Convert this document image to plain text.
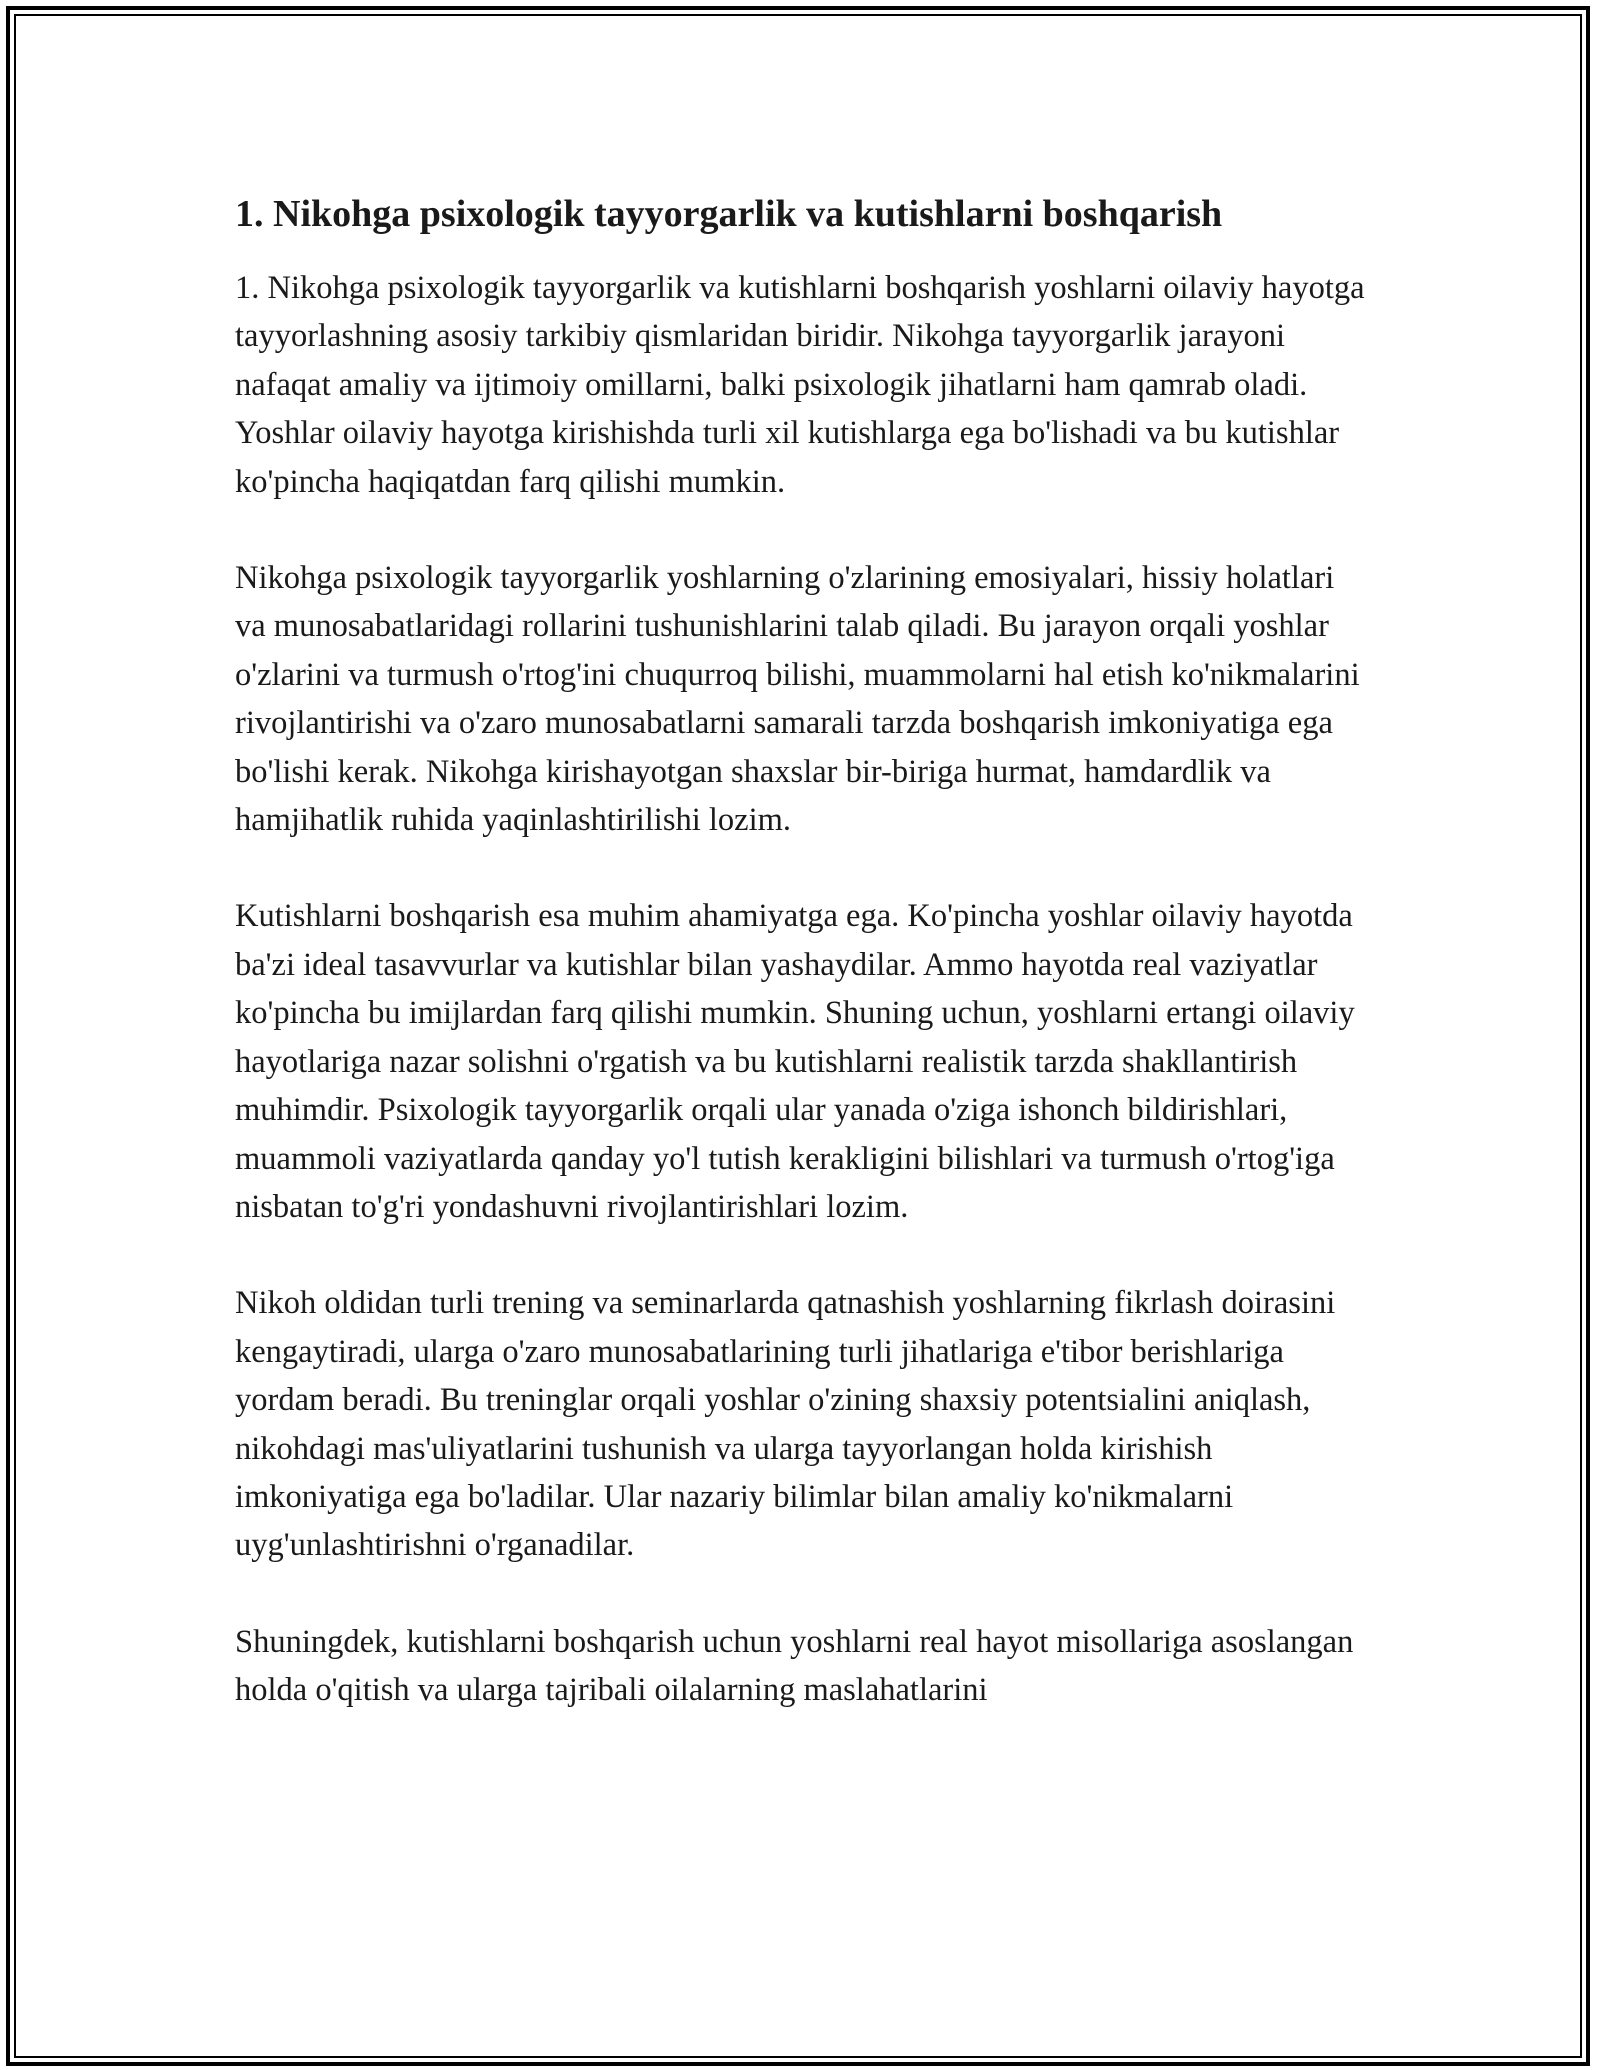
1. Nikohga psixologik tayyorgarlik va kutishlarni boshqarish

1. Nikohga psixologik tayyorgarlik va kutishlarni boshqarish yoshlarni oilaviy hayotga tayyorlashning asosiy tarkibiy qismlaridan biridir. Nikohga tayyorgarlik jarayoni nafaqat amaliy va ijtimoiy omillarni, balki psixologik jihatlarni ham qamrab oladi. Yoshlar oilaviy hayotga kirishishda turli xil kutishlarga ega bo'lishadi va bu kutishlar ko'pincha haqiqatdan farq qilishi mumkin.

Nikohga psixologik tayyorgarlik yoshlarning o'zlarining emosiyalari, hissiy holatlari va munosabatlaridagi rollarini tushunishlarini talab qiladi. Bu jarayon orqali yoshlar o'zlarini va turmush o'rtog'ini chuqurroq bilishi, muammolarni hal etish ko'nikmalarini rivojlantirishi va o'zaro munosabatlarni samarali tarzda boshqarish imkoniyatiga ega bo'lishi kerak. Nikohga kirishayotgan shaxslar bir-biriga hurmat, hamdardlik va hamjihatlik ruhida yaqinlashtirilishi lozim.

Kutishlarni boshqarish esa muhim ahamiyatga ega. Ko'pincha yoshlar oilaviy hayotda ba'zi ideal tasavvurlar va kutishlar bilan yashaydilar. Ammo hayotda real vaziyatlar ko'pincha bu imijlardan farq qilishi mumkin. Shuning uchun, yoshlarni ertangi oilaviy hayotlariga nazar solishni o'rgatish va bu kutishlarni realistik tarzda shakllantirish muhimdir. Psixologik tayyorgarlik orqali ular yanada o'ziga ishonch bildirishlari, muammoli vaziyatlarda qanday yo'l tutish kerakligini bilishlari va turmush o'rtog'iga nisbatan to'g'ri yondashuvni rivojlantirishlari lozim.

Nikoh oldidan turli trening va seminarlarda qatnashish yoshlarning fikrlash doirasini kengaytiradi, ularga o'zaro munosabatlarining turli jihatlariga e'tibor berishlariga yordam beradi. Bu treninglar orqali yoshlar o'zining shaxsiy potentsialini aniqlash, nikohdagi mas'uliyatlarini tushunish va ularga tayyorlangan holda kirishish imkoniyatiga ega bo'ladilar. Ular nazariy bilimlar bilan amaliy ko'nikmalarni uyg'unlashtirishni o'rganadilar.

Shuningdek, kutishlarni boshqarish uchun yoshlarni real hayot misollariga asoslangan holda o'qitish va ularga tajribali oilalarning maslahatlarini
